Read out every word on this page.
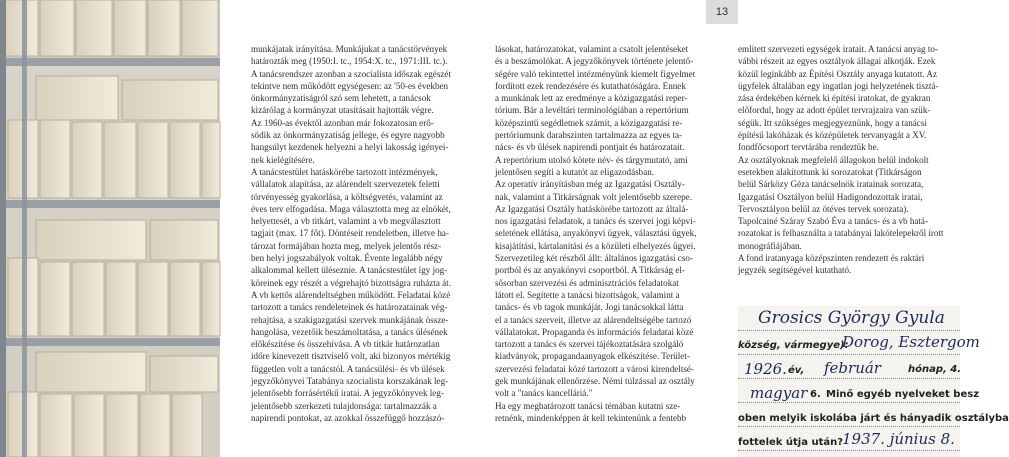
13
munkájatak irányítása. Munkájukat a tanácstörvények
határozták meg (1950:I. tc., 1954:X. tc., 1971:III. tc.).
A tanácsrendszer azonban a szocialista időszak egészét
tekintve nem működött egységesen: az '50-es években
önkormányzatiságról szó sem lehetett, a tanácsok
kizárólag a kormányzat utasításait hajtották végre.
Az 1960-as évektől azonban már fokozatosan erő-
södik az önkormányzatiság jellege, és egyre nagyobb
hangsúlyt kezdenek helyezni a helyi lakosság igényei-
nek kielégítésére.
A tanácstestület hatáskörébe tartozott intézmények,
vállalatok alapítása, az alárendelt szervezetek feletti
törvényesség gyakorlása, a költségvetés, valamint az
éves terv elfogadása. Maga választotta meg az elnökét,
helyettesét, a vb titkárt, valamint a vb megválasztott
tagjait (max. 17 főt). Döntéseit rendeletben, illetve ha-
tározat formájában hozta meg, melyek jelentős rész-
ben helyi jogszabályok voltak. Évente legalább négy
alkalommal kellett ülésezníe. A tanácstestület így jog-
köreinek egy részét a végrehajtó bizottságra ruházta át.
A vb kettős alárendeltségben működött. Feladatai közé
tartozott a tanács rendeleteinek és határozatainak vég-
rehajtása, a szakigazgatási szervek munkájának össze-
hangolása, vezetőik beszámoltatása, a tanács ülésének
előkészítése és összehívása. A vb titkár határozatlan
időre kinevezett tisztviselő volt, aki bizonyos mértékig
független volt a tanácstól. A tanácsülési- és vb ülések
jegyzőkönyvei Tatabánya szocialista korszakának leg-
jelentősebb forrásértékű iratai. A jegyzőkönyvek leg-
jelentősebb szerkezeti tulajdonsága: tartalmazzák a
napirendi pontokat, az azokkal összefüggő hozzászó-
lásokat, határozatokat, valamint a csatolt jelentéseket
és a beszámolókat. A jegyzőkönyvek története jelentő-
ségére való tekintettel intézményünk kiemelt figyelmet
fordított ezek rendezésére és kutathatóságára. Ennek
a munkának lett az eredménye a közigazgatási reper-
tórium. Bár a levéltári terminológiában a repertórium
középszintű segédletnek számít, a közigazgatási re-
pertóriumunk darabszinten tartalmazza az egyes ta-
nács- és vb ülések napirendi pontjait és határozatait.
A repertórium utolsó kötete név- és tárgymutató, ami
jelentősen segíti a kutatót az eligazodásban.
Az operatív irányításban még az Igazgatási Osztály-
nak, valamint a Titkárságnak volt jelentősebb szerepe.
Az Igazgatási Osztály hatáskörébe tartozott az általá-
nos igazgatási feladatok, a tanács és szervei jogi képvi-
seletének ellátása, anyakönyvi ügyek, választási ügyek,
kisajátítási, kártalanítási és a közületi elhelyezés ügyei.
Szervezetileg két részből állt: általános igazgatási cso-
portból és az anyakönyvi csoportból. A Titkárság el-
sősorban szervezési és adminisztrációs feladatokat
látott el. Segítette a tanácsi bizottságok, valamint a
tanács- és vb tagok munkáját. Jogi tanácsokkal látta
el a tanács szerveit, illetve az alárendeltségébe tartozó
vállalatokat. Propaganda és információs feladatai közé
tartozott a tanács és szervei tájékoztatására szolgáló
kiadványok, propagandaanyagok elkészítése. Terület-
szervezési feladatai közé tartozott a városi kirendeltsé-
gek munkájának ellenőrzése. Némi túlzással az osztály
volt a "tanács kancelláriá."
Ha egy meghatározott tanácsi témában kutatni sze-
retnénk, mindenképpen át kell tekintenünk a fentebb
említett szervezeti egységek iratait. A tanácsi anyag to-
vábbi részeit az egyes osztályok állagai alkotják. Ezek
közül leginkább az Építési Osztály anyaga kutatott. Az
ügyfelek általában egy ingatlan jogi helyzetének tisztá-
zása érdekében kérnek ki építési iratokat, de gyakran
előfordul, hogy az adott épület tervrajzaira van szük-
ségük. Itt szükséges megjegyeznünk, hogy a tanácsi
építésű lakóházak és középületek tervanyagát a XV.
fondfőcsoport tervtárába rendeztük be.
Az osztályoknak megfelelő állagokon belül indokolt
esetekben alakítottunk ki sorozatokat (Titkárságon
belül Sárközy Géza tanácselnök iratainak sorozata,
Igazgatási Osztályon belül Hadigondozottak iratai,
Tervosztályon belül az ötéves tervek sorozata).
Tapolcainé Száray Szabó Éva a tanács- és a vb hatá-
rozatokat is felhasználta a tatabányai lakótelepekről írott
monográfiájában.
A fond iratanyaga középszinten rendezett és raktári
jegyzék segítségével kutatható.
Grosics György Gyula
község, vármegye):
Dorog, Esztergom
1926. év, február	hónap, 4.
magyar 6. Minő egyéb nyelveket besz
oben melyik iskolába járt és hányadik osztályba
fottelek útja után?
1937. június 8.
